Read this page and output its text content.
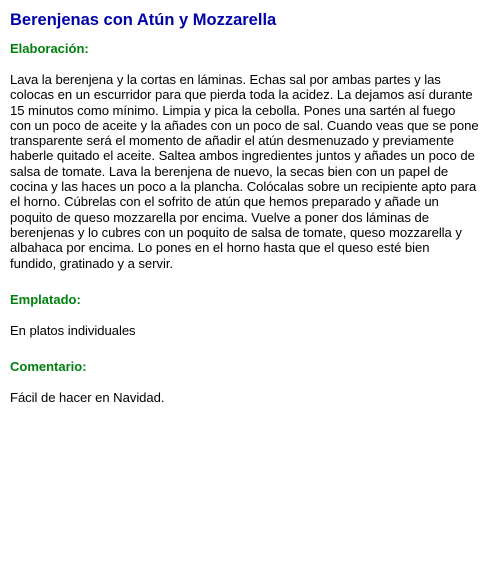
Berenjenas con Atún y Mozzarella
Elaboración:

Lava la berenjena y la cortas en láminas. Echas sal por ambas partes y las colocas en un escurridor para que pierda toda la acidez. La dejamos así durante 15 minutos como mínimo. Limpia y pica la cebolla. Pones una sartén al fuego con un poco de aceite y la añades con un poco de sal. Cuando veas que se pone transparente será el momento de añadir el atún desmenuzado y previamente haberle quitado el aceite. Saltea ambos ingredientes juntos y añades un poco de salsa de tomate. Lava la berenjena de nuevo, la secas bien con un papel de cocina y las haces un poco a la plancha. Colócalas sobre un recipiente apto para el horno. Cúbrelas con el sofrito de atún que hemos preparado y añade un poquito de queso mozzarella por encima. Vuelve a poner dos láminas de berenjenas y lo cubres con un poquito de salsa de tomate, queso mozzarella y albahaca por encima. Lo pones en el horno hasta que el queso esté bien fundido, gratinado y a servir.

Emplatado:

En platos individuales

Comentario:

Fácil de hacer en Navidad.
